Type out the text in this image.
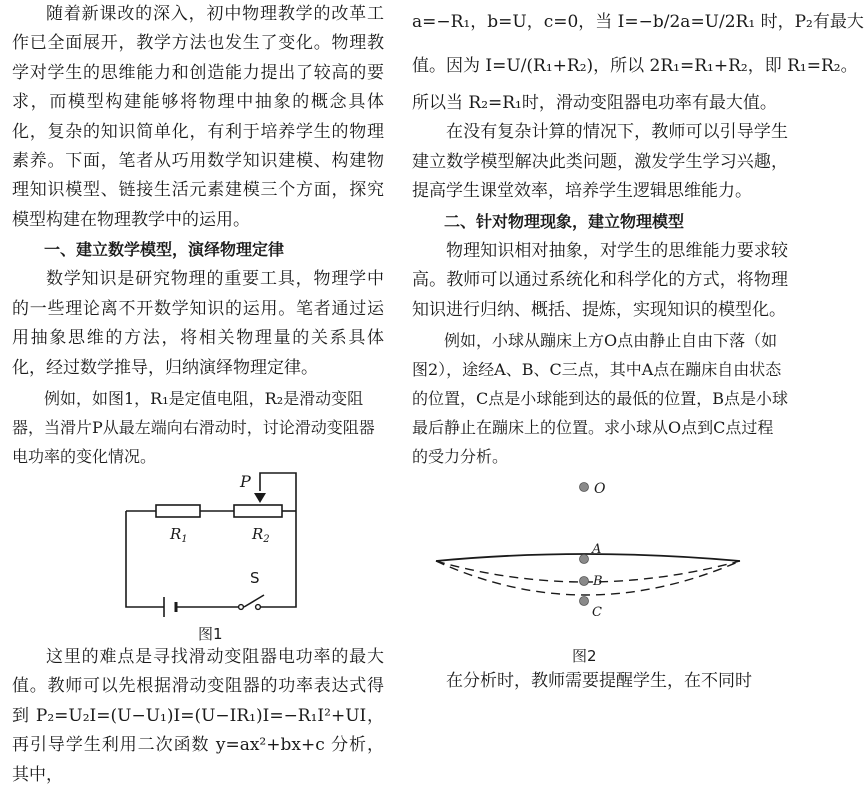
随着新课改的深入，初中物理教学的改革工作已全面展开，教学方法也发生了变化。物理教学对学生的思维能力和创造能力提出了较高的要求，而模型构建能够将物理中抽象的概念具体化，复杂的知识简单化，有利于培养学生的物理素养。下面，笔者从巧用数学知识建模、构建物理知识模型、链接生活元素建模三个方面，探究模型构建在物理教学中的运用。

一、建立数学模型，演绎物理定律

数学知识是研究物理的重要工具，物理学中的一些理论离不开数学知识的运用。笔者通过运用抽象思维的方法，将相关物理量的关系具体化，经过数学推导，归纳演绎物理定律。

例如，如图1，R₁是定值电阻，R₂是滑动变阻器，当滑片P从最左端向右滑动时，讨论滑动变阻器电功率的变化情况。

P
$R_1$	$R_2$
S
图1

这里的难点是寻找滑动变阻器电功率的最大值。教师可以先根据滑动变阻器的功率表达式得到 P₂=U₂I=(U−U₁)I=(U−IR₁)I=−R₁I²+UI，再引导学生利用二次函数 y=ax²+bx+c 分析，其中，

a=−R₁，b=U，c=0，当 I=−b/2a=U/2R₁ 时，P₂有最大
值。因为 I=U/(R₁+R₂)，所以 2R₁=R₁+R₂，即 R₁=R₂。
所以当 R₂=R₁时，滑动变阻器电功率有最大值。

在没有复杂计算的情况下，教师可以引导学生建立数学模型解决此类问题，激发学生学习兴趣，提高学生课堂效率，培养学生逻辑思维能力。

二、针对物理现象，建立物理模型

物理知识相对抽象，对学生的思维能力要求较高。教师可以通过系统化和科学化的方式，将物理知识进行归纳、概括、提炼，实现知识的模型化。

例如，小球从蹦床上方O点由静止自由下落（如图2），途经A、B、C三点，其中A点在蹦床自由状态的位置，C点是小球能到达的最低的位置，B点是小球最后静止在蹦床上的位置。求小球从O点到C点过程的受力分析。

O
A
B
C
图2

在分析时，教师需要提醒学生，在不同时
